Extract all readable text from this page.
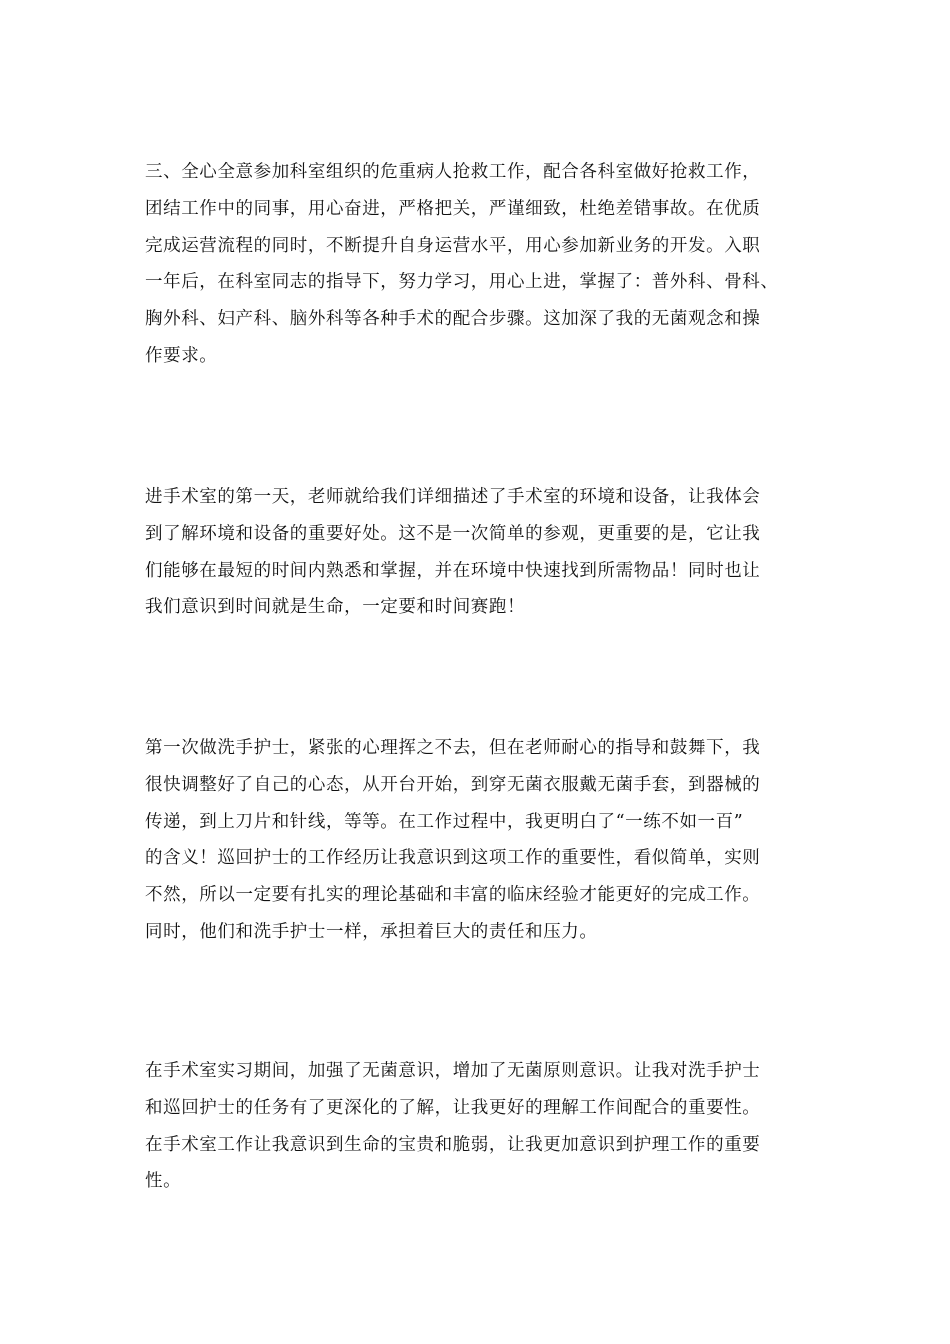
三、全心全意参加科室组织的危重病人抢救工作，配合各科室做好抢救工作，
团结工作中的同事，用心奋进，严格把关，严谨细致，杜绝差错事故。在优质
完成运营流程的同时，不断提升自身运营水平，用心参加新业务的开发。入职
一年后，在科室同志的指导下，努力学习，用心上进，掌握了：普外科、骨科、
胸外科、妇产科、脑外科等各种手术的配合步骤。这加深了我的无菌观念和操
作要求。

进手术室的第一天，老师就给我们详细描述了手术室的环境和设备，让我体会
到了解环境和设备的重要好处。这不是一次简单的参观，更重要的是，它让我
们能够在最短的时间内熟悉和掌握，并在环境中快速找到所需物品！同时也让
我们意识到时间就是生命，一定要和时间赛跑！

第一次做洗手护士，紧张的心理挥之不去，但在老师耐心的指导和鼓舞下，我
很快调整好了自己的心态，从开台开始，到穿无菌衣服戴无菌手套，到器械的
传递，到上刀片和针线，等等。在工作过程中，我更明白了“一练不如一百”
的含义！巡回护士的工作经历让我意识到这项工作的重要性，看似简单，实则
不然，所以一定要有扎实的理论基础和丰富的临床经验才能更好的完成工作。
同时，他们和洗手护士一样，承担着巨大的责任和压力。

在手术室实习期间，加强了无菌意识，增加了无菌原则意识。让我对洗手护士
和巡回护士的任务有了更深化的了解，让我更好的理解工作间配合的重要性。
在手术室工作让我意识到生命的宝贵和脆弱，让我更加意识到护理工作的重要
性。
